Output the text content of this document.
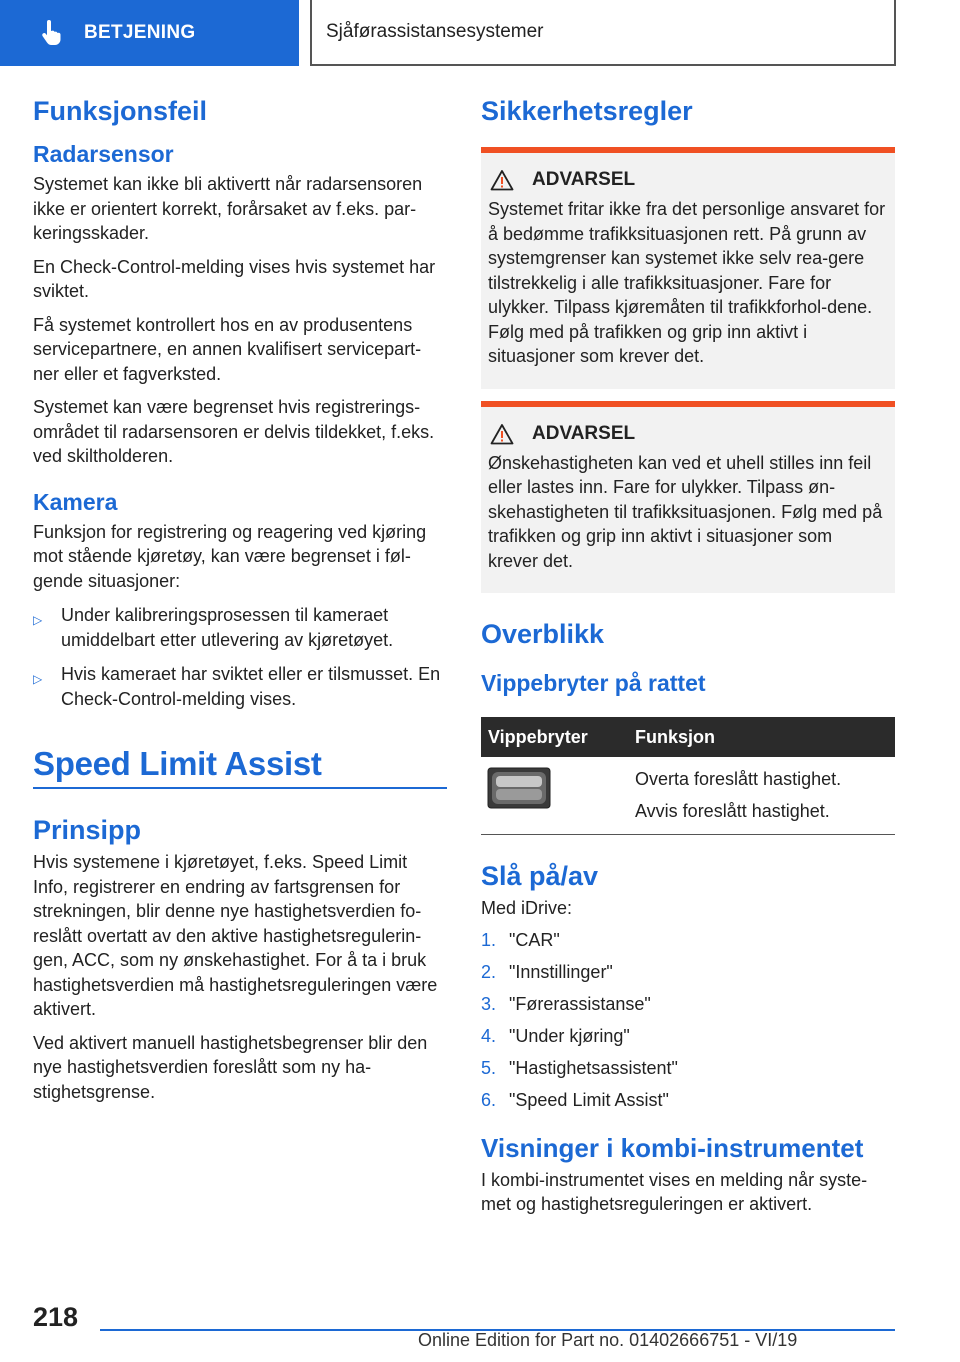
BETJENING	Sjåførassistansesystemer
Funksjonsfeil
Radarsensor

Systemet kan ikke bli aktivertt når radarsensoren ikke er orientert korrekt, forårsaket av f.eks. par-keringsskader.

En Check-Control-melding vises hvis systemet har sviktet.

Få systemet kontrollert hos en av produsentens servicepartnere, en annen kvalifisert servicepart-ner eller et fagverksted.

Systemet kan være begrenset hvis registrerings-området til radarsensoren er delvis tildekket, f.eks. ved skiltholderen.

Kamera

Funksjon for registrering og reagering ved kjøring mot stående kjøretøy, kan være begrenset i føl-gende situasjoner:

▷	Under kalibreringsprosessen til kameraet umiddelbart etter utlevering av kjøretøyet.
▷	Hvis kameraet har sviktet eller er tilsmusset. En Check-Control-melding vises.
Speed Limit Assist
Prinsipp

Hvis systemene i kjøretøyet, f.eks. Speed Limit Info, registrerer en endring av fartsgrensen for strekningen, blir denne nye hastighetsverdien fo-reslått overtatt av den aktive hastighetsregulerin-gen, ACC, som ny ønskehastighet. For å ta i bruk hastighetsverdien må hastighetsreguleringen være aktivert.

Ved aktivert manuell hastighetsbegrenser blir den nye hastighetsverdien foreslått som ny ha-stighetsgrense.

Sikkerhetsregler
ADVARSEL

Systemet fritar ikke fra det personlige ansvaret for å bedømme trafikksituasjonen rett. På grunn av systemgrenser kan systemet ikke selv rea-gere tilstrekkelig i alle trafikksituasjoner. Fare for ulykker. Tilpass kjøremåten til trafikkforhol-dene. Følg med på trafikken og grip inn aktivt i situasjoner som krever det.

ADVARSEL

Ønskehastigheten kan ved et uhell stilles inn feil eller lastes inn. Fare for ulykker. Tilpass øn-skehastigheten til trafikksituasjonen. Følg med på trafikken og grip inn aktivt i situasjoner som krever det.

Overblikk
Vippebryter på rattet
Vippebryter	Funksjon

Overta foreslått hastighet.

Avvis foreslått hastighet.

Slå på/av

Med iDrive:

1. "CAR"
2. "Innstillinger"
3. "Førerassistanse"
4. "Under kjøring"
5. "Hastighetsassistent"
6. "Speed Limit Assist"
Visninger i kombi-instrumentet

I kombi-instrumentet vises en melding når syste-met og hastighetsreguleringen er aktivert.

218
Online Edition for Part no. 01402666751 - VI/19
